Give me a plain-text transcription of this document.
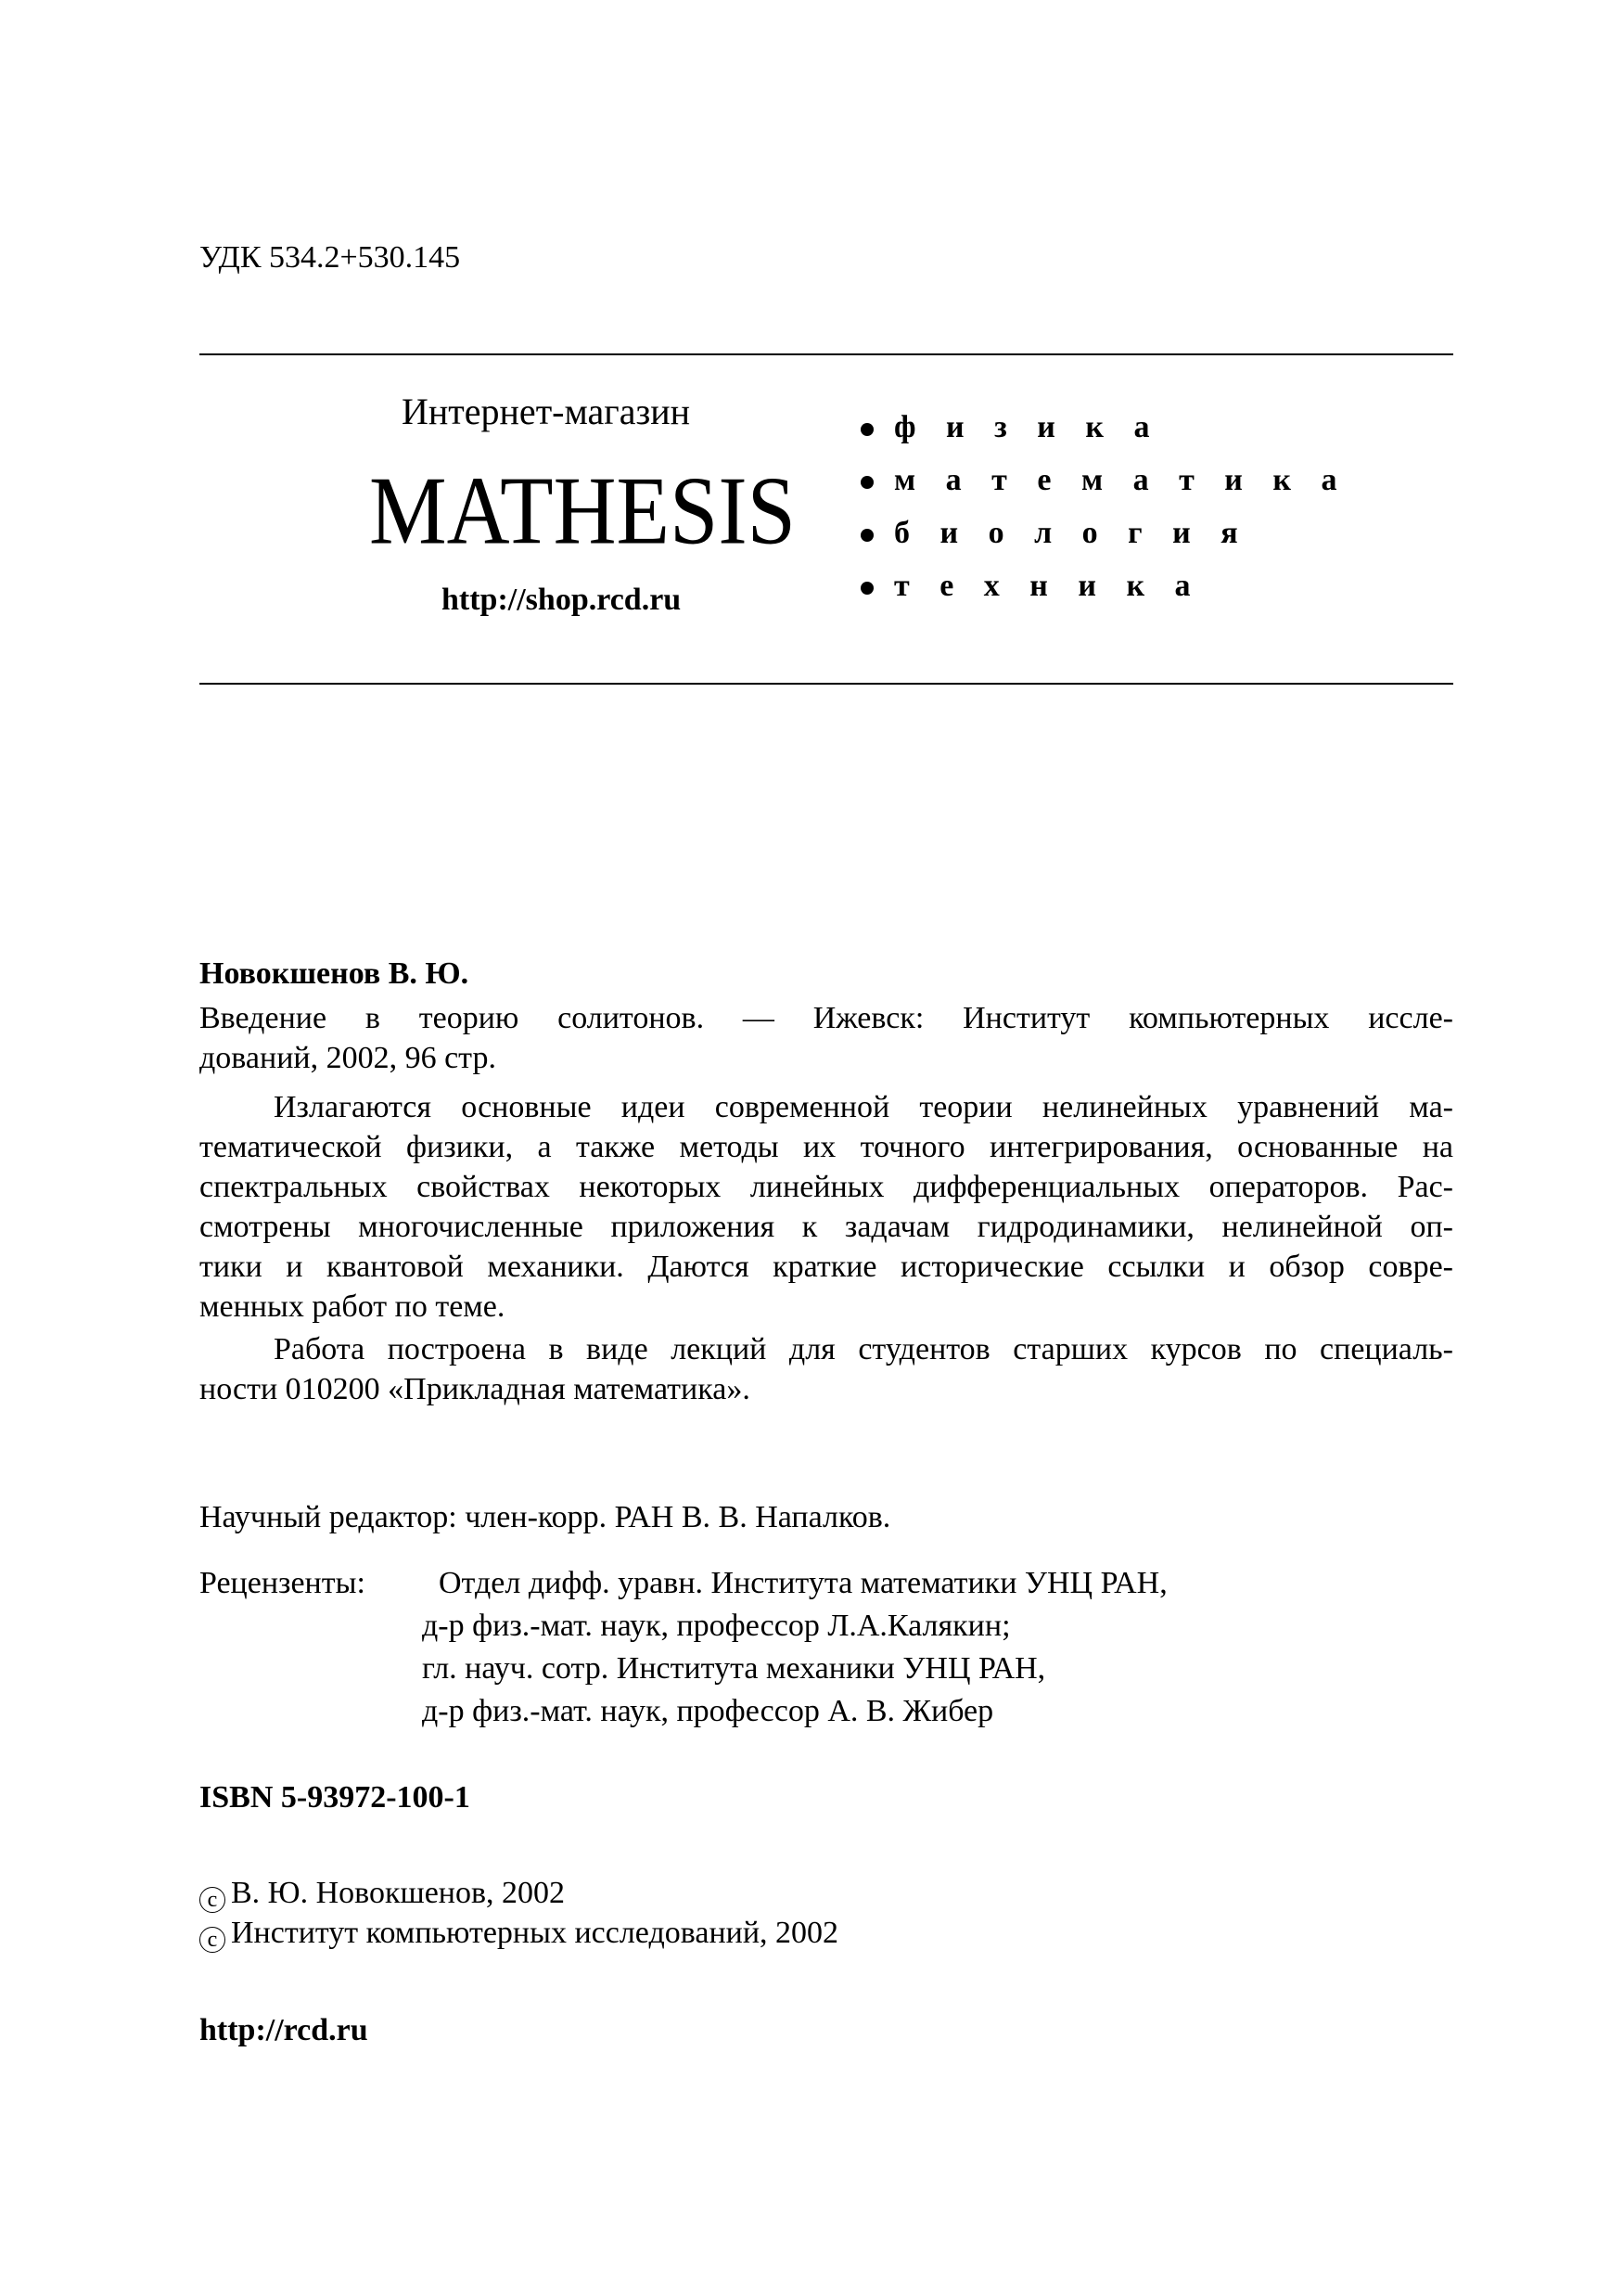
УДК 534.2+530.145
Интернет-магазин
MATHESIS
http://shop.rcd.ru
ф и з и к а
м а т е м а т и к а
б и о л о г и я
т е х н и к а
Новокшенов В. Ю.
Введение в теорию солитонов. — Ижевск: Институт компьютерных иссле-
дований, 2002, 96 стр.
Излагаются основные идеи современной теории нелинейных уравнений ма-
тематической физики, а также методы их точного интегрирования, основанные на
спектральных свойствах некоторых линейных дифференциальных операторов. Рас-
смотрены многочисленные приложения к задачам гидродинамики, нелинейной оп-
тики и квантовой механики. Даются краткие исторические ссылки и обзор совре-
менных работ по теме.
Работа построена в виде лекций для студентов старших курсов по специаль-
ности 010200 «Прикладная математика».
Научный редактор: член-корр. РАН В. В. Напалков.
Рецензенты: Отдел дифф. уравн. Института математики УНЦ РАН,
д-р физ.-мат. наук, профессор Л.А.Калякин;
гл. науч. сотр. Института механики УНЦ РАН,
д-р физ.-мат. наук, профессор А. В. Жибер
ISBN 5-93972-100-1
c В. Ю. Новокшенов, 2002
c Институт компьютерных исследований, 2002
http://rcd.ru
